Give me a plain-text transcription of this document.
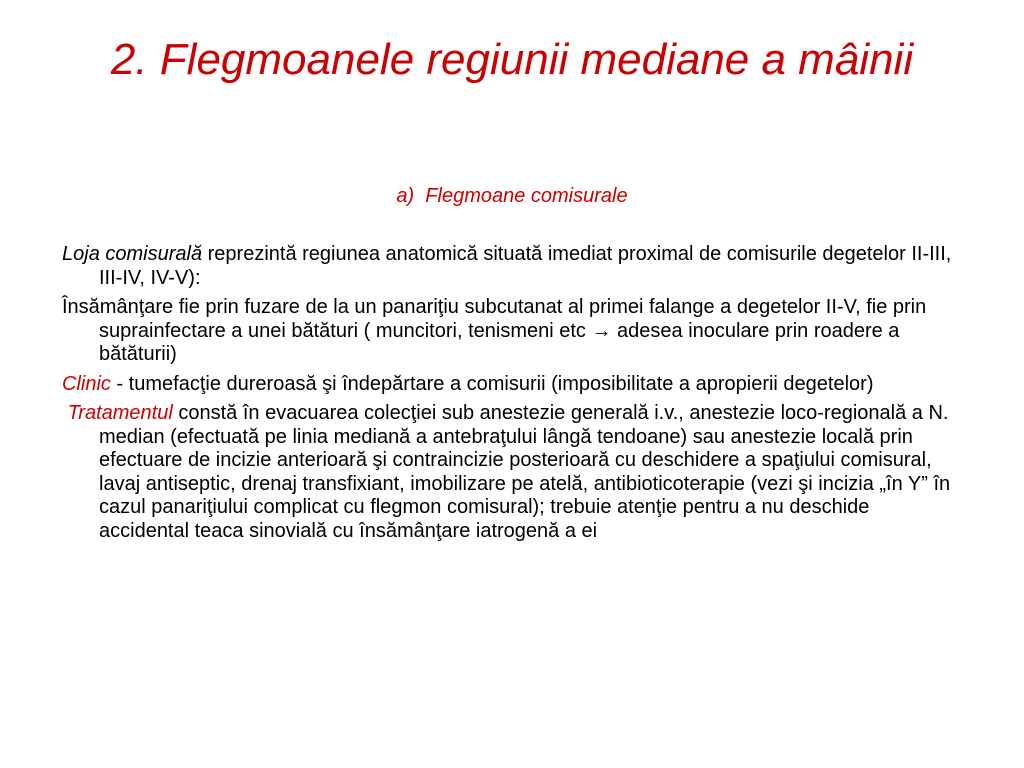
2. Flegmoanele regiunii mediane a mâinii
a)  Flegmoane comisurale

Loja comisurală reprezintă regiunea anatomică situată imediat proximal de comisurile degetelor II-III, III-IV, IV-V):

Însămânţare fie prin fuzare de la un panariţiu subcutanat al primei falange a degetelor II-V, fie prin suprainfectare a unei bătături ( muncitori, tenismeni etc → adesea inoculare prin roadere a bătăturii)

Clinic - tumefacţie dureroasă şi îndepărtare a comisurii (imposibilitate a apropierii degetelor)

Tratamentul constă în evacuarea colecţiei sub anestezie generală i.v., anestezie loco-regională a N. median (efectuată pe linia mediană a antebraţului lângă tendoane) sau anestezie locală prin efectuare de incizie anterioară şi contraincizie posterioară cu deschidere a spaţiului comisural, lavaj antiseptic, drenaj transfixiant, imobilizare pe atelă, antibioticoterapie (vezi şi incizia „în Y” în cazul panariţiului complicat cu flegmon comisural); trebuie atenţie pentru a nu deschide accidental teaca sinovială cu însămânţare iatrogenă a ei
